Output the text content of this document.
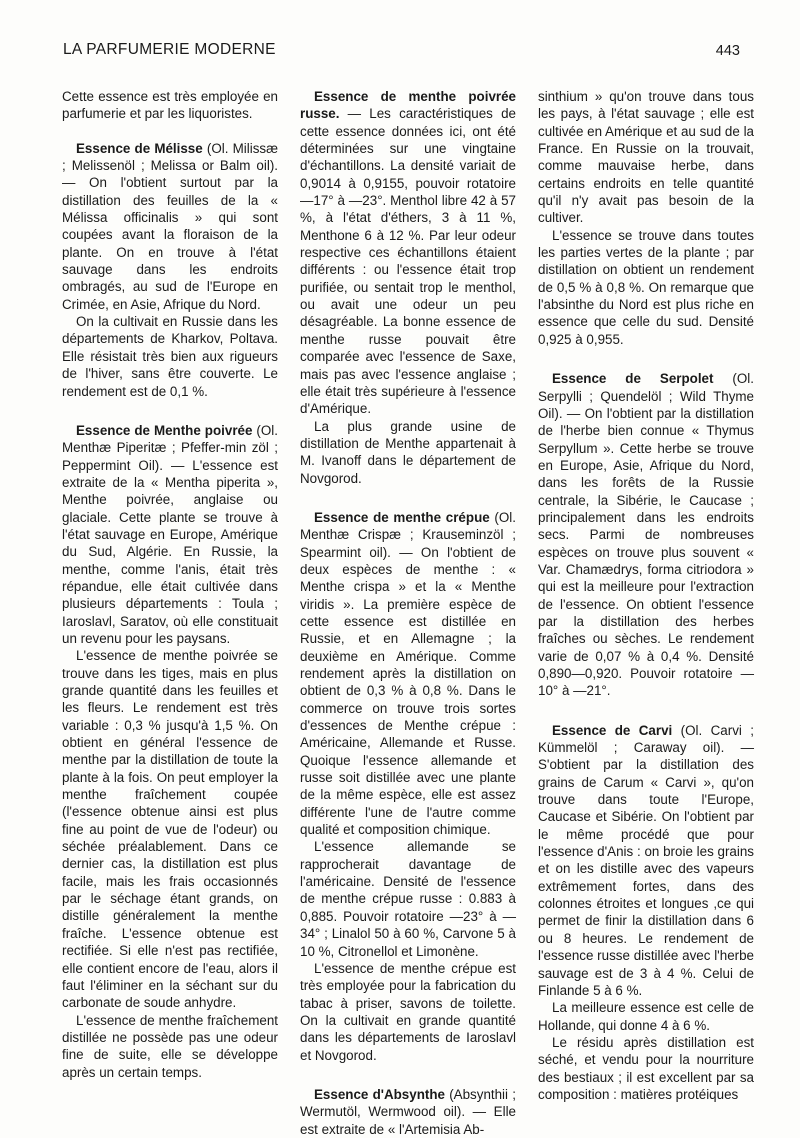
LA PARFUMERIE MODERNE	443

Cette essence est très employée en parfumerie et par les liquoristes.

Essence de Mélisse (Ol. Milissæ ; Melissenöl ; Melissa or Balm oil). — On l'obtient surtout par la distillation des feuilles de la « Mélissa officinalis » qui sont coupées avant la floraison de la plante. On en trouve à l'état sauvage dans les endroits ombragés, au sud de l'Europe en Crimée, en Asie, Afrique du Nord.

On la cultivait en Russie dans les départements de Kharkov, Poltava. Elle résistait très bien aux rigueurs de l'hiver, sans être couverte. Le rendement est de 0,1 %.

Essence de Menthe poivrée (Ol. Menthæ Piperitæ ; Pfeffer-min zöl ; Peppermint Oil). — L'essence est extraite de la « Mentha piperita », Menthe poivrée, anglaise ou glaciale. Cette plante se trouve à l'état sauvage en Europe, Amérique du Sud, Algérie. En Russie, la menthe, comme l'anis, était très répandue, elle était cultivée dans plusieurs départements : Toula ; Iaroslavl, Saratov, où elle constituait un revenu pour les paysans.

L'essence de menthe poivrée se trouve dans les tiges, mais en plus grande quantité dans les feuilles et les fleurs. Le rendement est très variable : 0,3 % jusqu'à 1,5 %. On obtient en général l'essence de menthe par la distillation de toute la plante à la fois. On peut employer la menthe fraîchement coupée (l'essence obtenue ainsi est plus fine au point de vue de l'odeur) ou séchée préalablement. Dans ce dernier cas, la distillation est plus facile, mais les frais occasionnés par le séchage étant grands, on distille généralement la menthe fraîche. L'essence obtenue est rectifiée. Si elle n'est pas rectifiée, elle contient encore de l'eau, alors il faut l'éliminer en la séchant sur du carbonate de soude anhydre.

L'essence de menthe fraîchement distillée ne possède pas une odeur fine de suite, elle se développe après un certain temps.

Essence de menthe poivrée russe. — Les caractéristiques de cette essence données ici, ont été déterminées sur une vingtaine d'échantillons. La densité variait de 0,9014 à 0,9155, pouvoir rotatoire —17° à —23°. Menthol libre 42 à 57 %, à l'état d'éthers, 3 à 11 %, Menthone 6 à 12 %. Par leur odeur respective ces échantillons étaient différents : ou l'essence était trop purifiée, ou sentait trop le menthol, ou avait une odeur un peu désagréable. La bonne essence de menthe russe pouvait être comparée avec l'essence de Saxe, mais pas avec l'essence anglaise ; elle était très supérieure à l'essence d'Amérique.

La plus grande usine de distillation de Menthe appartenait à M. Ivanoff dans le département de Novgorod.

Essence de menthe crépue (Ol. Menthæ Crispæ ; Krauseminzöl ; Spearmint oil). — On l'obtient de deux espèces de menthe : « Menthe crispa » et la « Menthe viridis ». La première espèce de cette essence est distillée en Russie, et en Allemagne ; la deuxième en Amérique. Comme rendement après la distillation on obtient de 0,3 % à 0,8 %. Dans le commerce on trouve trois sortes d'essences de Menthe crépue : Américaine, Allemande et Russe. Quoique l'essence allemande et russe soit distillée avec une plante de la même espèce, elle est assez différente l'une de l'autre comme qualité et composition chimique.

L'essence allemande se rapprocherait davantage de l'américaine. Densité de l'essence de menthe crépue russe : 0.883 à 0,885. Pouvoir rotatoire —23° à —34° ; Linalol 50 à 60 %, Carvone 5 à 10 %, Citronellol et Limonène.

L'essence de menthe crépue est très employée pour la fabrication du tabac à priser, savons de toilette. On la cultivait en grande quantité dans les départements de Iaroslavl et Novgorod.

Essence d'Absynthe (Absynthii ; Wermutöl, Wermwood oil). — Elle est extraite de « l'Artemisia Ab-

sinthium » qu'on trouve dans tous les pays, à l'état sauvage ; elle est cultivée en Amérique et au sud de la France. En Russie on la trouvait, comme mauvaise herbe, dans certains endroits en telle quantité qu'il n'y avait pas besoin de la cultiver.

L'essence se trouve dans toutes les parties vertes de la plante ; par distillation on obtient un rendement de 0,5 % à 0,8 %. On remarque que l'absinthe du Nord est plus riche en essence que celle du sud. Densité 0,925 à 0,955.

Essence de Serpolet (Ol. Serpylli ; Quendelöl ; Wild Thyme Oil). — On l'obtient par la distillation de l'herbe bien connue « Thymus Serpyllum ». Cette herbe se trouve en Europe, Asie, Afrique du Nord, dans les forêts de la Russie centrale, la Sibérie, le Caucase ; principalement dans les endroits secs. Parmi de nombreuses espèces on trouve plus souvent « Var. Chamædrys, forma citriodora » qui est la meilleure pour l'extraction de l'essence. On obtient l'essence par la distillation des herbes fraîches ou sèches. Le rendement varie de 0,07 % à 0,4 %. Densité 0,890—0,920. Pouvoir rotatoire —10° à —21°.

Essence de Carvi (Ol. Carvi ; Kümmelöl ; Caraway oil). — S'obtient par la distillation des grains de Carum « Carvi », qu'on trouve dans toute l'Europe, Caucase et Sibérie. On l'obtient par le même procédé que pour l'essence d'Anis : on broie les grains et on les distille avec des vapeurs extrêmement fortes, dans des colonnes étroites et longues ,ce qui permet de finir la distillation dans 6 ou 8 heures. Le rendement de l'essence russe distillée avec l'herbe sauvage est de 3 à 4 %. Celui de Finlande 5 à 6 %.

La meilleure essence est celle de Hollande, qui donne 4 à 6 %.

Le résidu après distillation est séché, et vendu pour la nourriture des bestiaux ; il est excellent par sa composition : matières protéiques
